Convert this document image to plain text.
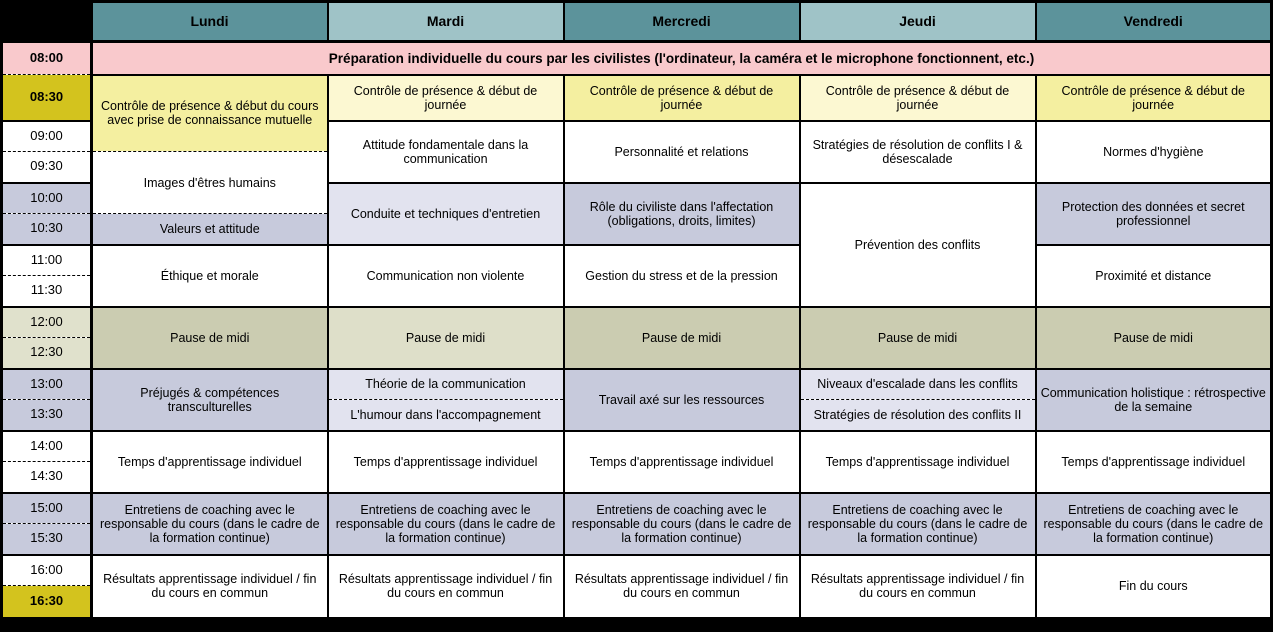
	Lundi	Mardi	Mercredi	Jeudi	Vendredi
08:00	Préparation individuelle du cours par les civilistes (l'ordinateur, la caméra et le microphone fonctionnent, etc.)				
08:30	Contrôle de présence & début du cours avec prise de connaissance mutuelle	Contrôle de présence & début de journée	Contrôle de présence & début de journée	Contrôle de présence & début de journée	Contrôle de présence & début de journée
09:00		Attitude fondamentale dans la communication	Personnalité et relations	Stratégies de résolution de conflits I & désescalade	Normes d'hygiène
09:30	Images d'êtres humains				
10:00		Conduite et techniques d'entretien	Rôle du civiliste dans l'affectation (obligations, droits, limites)	Prévention des conflits	Protection des données et secret professionnel
10:30	Valeurs et attitude				
11:00	Éthique et morale	Communication non violente	Gestion du stress et de la pression		Proximité et distance
11:30					
12:00	Pause de midi	Pause de midi	Pause de midi	Pause de midi	Pause de midi
12:30					
13:00	Préjugés & compétences transculturelles	Théorie de la communication	Travail axé sur les ressources	Niveaux d'escalade dans les conflits	Communication holistique : rétrospective de la semaine
13:30		L'humour dans l'accompagnement		Stratégies de résolution des conflits II	
14:00	Temps d'apprentissage individuel	Temps d'apprentissage individuel	Temps d'apprentissage individuel	Temps d'apprentissage individuel	Temps d'apprentissage individuel
14:30					
15:00	Entretiens de coaching avec le responsable du cours (dans le cadre de la formation continue)	Entretiens de coaching avec le responsable du cours (dans le cadre de la formation continue)	Entretiens de coaching avec le responsable du cours (dans le cadre de la formation continue)	Entretiens de coaching avec le responsable du cours (dans le cadre de la formation continue)	Entretiens de coaching avec le responsable du cours (dans le cadre de la formation continue)
15:30					
16:00	Résultats apprentissage individuel / fin du cours en commun	Résultats apprentissage individuel / fin du cours en commun	Résultats apprentissage individuel / fin du cours en commun	Résultats apprentissage individuel / fin du cours en commun	Fin du cours
16:30					
